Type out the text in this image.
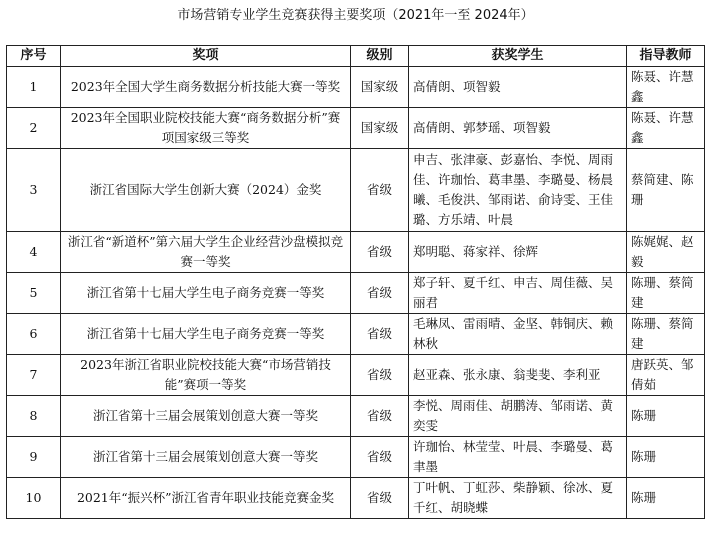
市场营销专业学生竞赛获得主要奖项（2021年一至 2024年）
序号	奖项	级别	获奖学生	指导教师
1	2023年全国大学生商务数据分析技能大赛一等奖	国家级	高倩朗、项智毅	陈聂、许慧鑫
2	2023年全国职业院校技能大赛“商务数据分析”赛项国家级三等奖	国家级	高倩朗、郭梦瑶、项智毅	陈聂、许慧鑫
3	浙江省国际大学生创新大赛（2024）金奖	省级	申吉、张津豪、彭嘉怡、李悦、周雨佳、许珈怡、葛聿墨、李璐曼、杨晨曦、毛俊洪、邹雨诺、俞诗雯、王佳璐、方乐靖、叶晨	蔡简建、陈珊
4	浙江省“新道杯”第六届大学生企业经营沙盘模拟竞赛一等奖	省级	郑明聪、蒋家祥、徐辉	陈娓娓、赵毅
5	浙江省第十七届大学生电子商务竞赛一等奖	省级	郑子轩、夏千红、申吉、周佳薇、吴丽君	陈珊、蔡简建
6	浙江省第十七届大学生电子商务竞赛一等奖	省级	毛琳凤、雷雨晴、金坚、韩铜庆、赖林秋	陈珊、蔡简建
7	2023年浙江省职业院校技能大赛“市场营销技能”赛项一等奖	省级	赵亚森、张永康、翁斐斐、李利亚	唐跃英、邹倩茹
8	浙江省第十三届会展策划创意大赛一等奖	省级	李悦、周雨佳、胡鹏涛、邹雨诺、黄奕雯	陈珊
9	浙江省第十三届会展策划创意大赛一等奖	省级	许珈怡、林莹莹、叶晨、李璐曼、葛聿墨	陈珊
10	2021年“振兴杯”浙江省青年职业技能竞赛金奖	省级	丁叶帆、丁虹莎、柴静颖、徐冰、夏千红、胡晓蝶	陈珊
